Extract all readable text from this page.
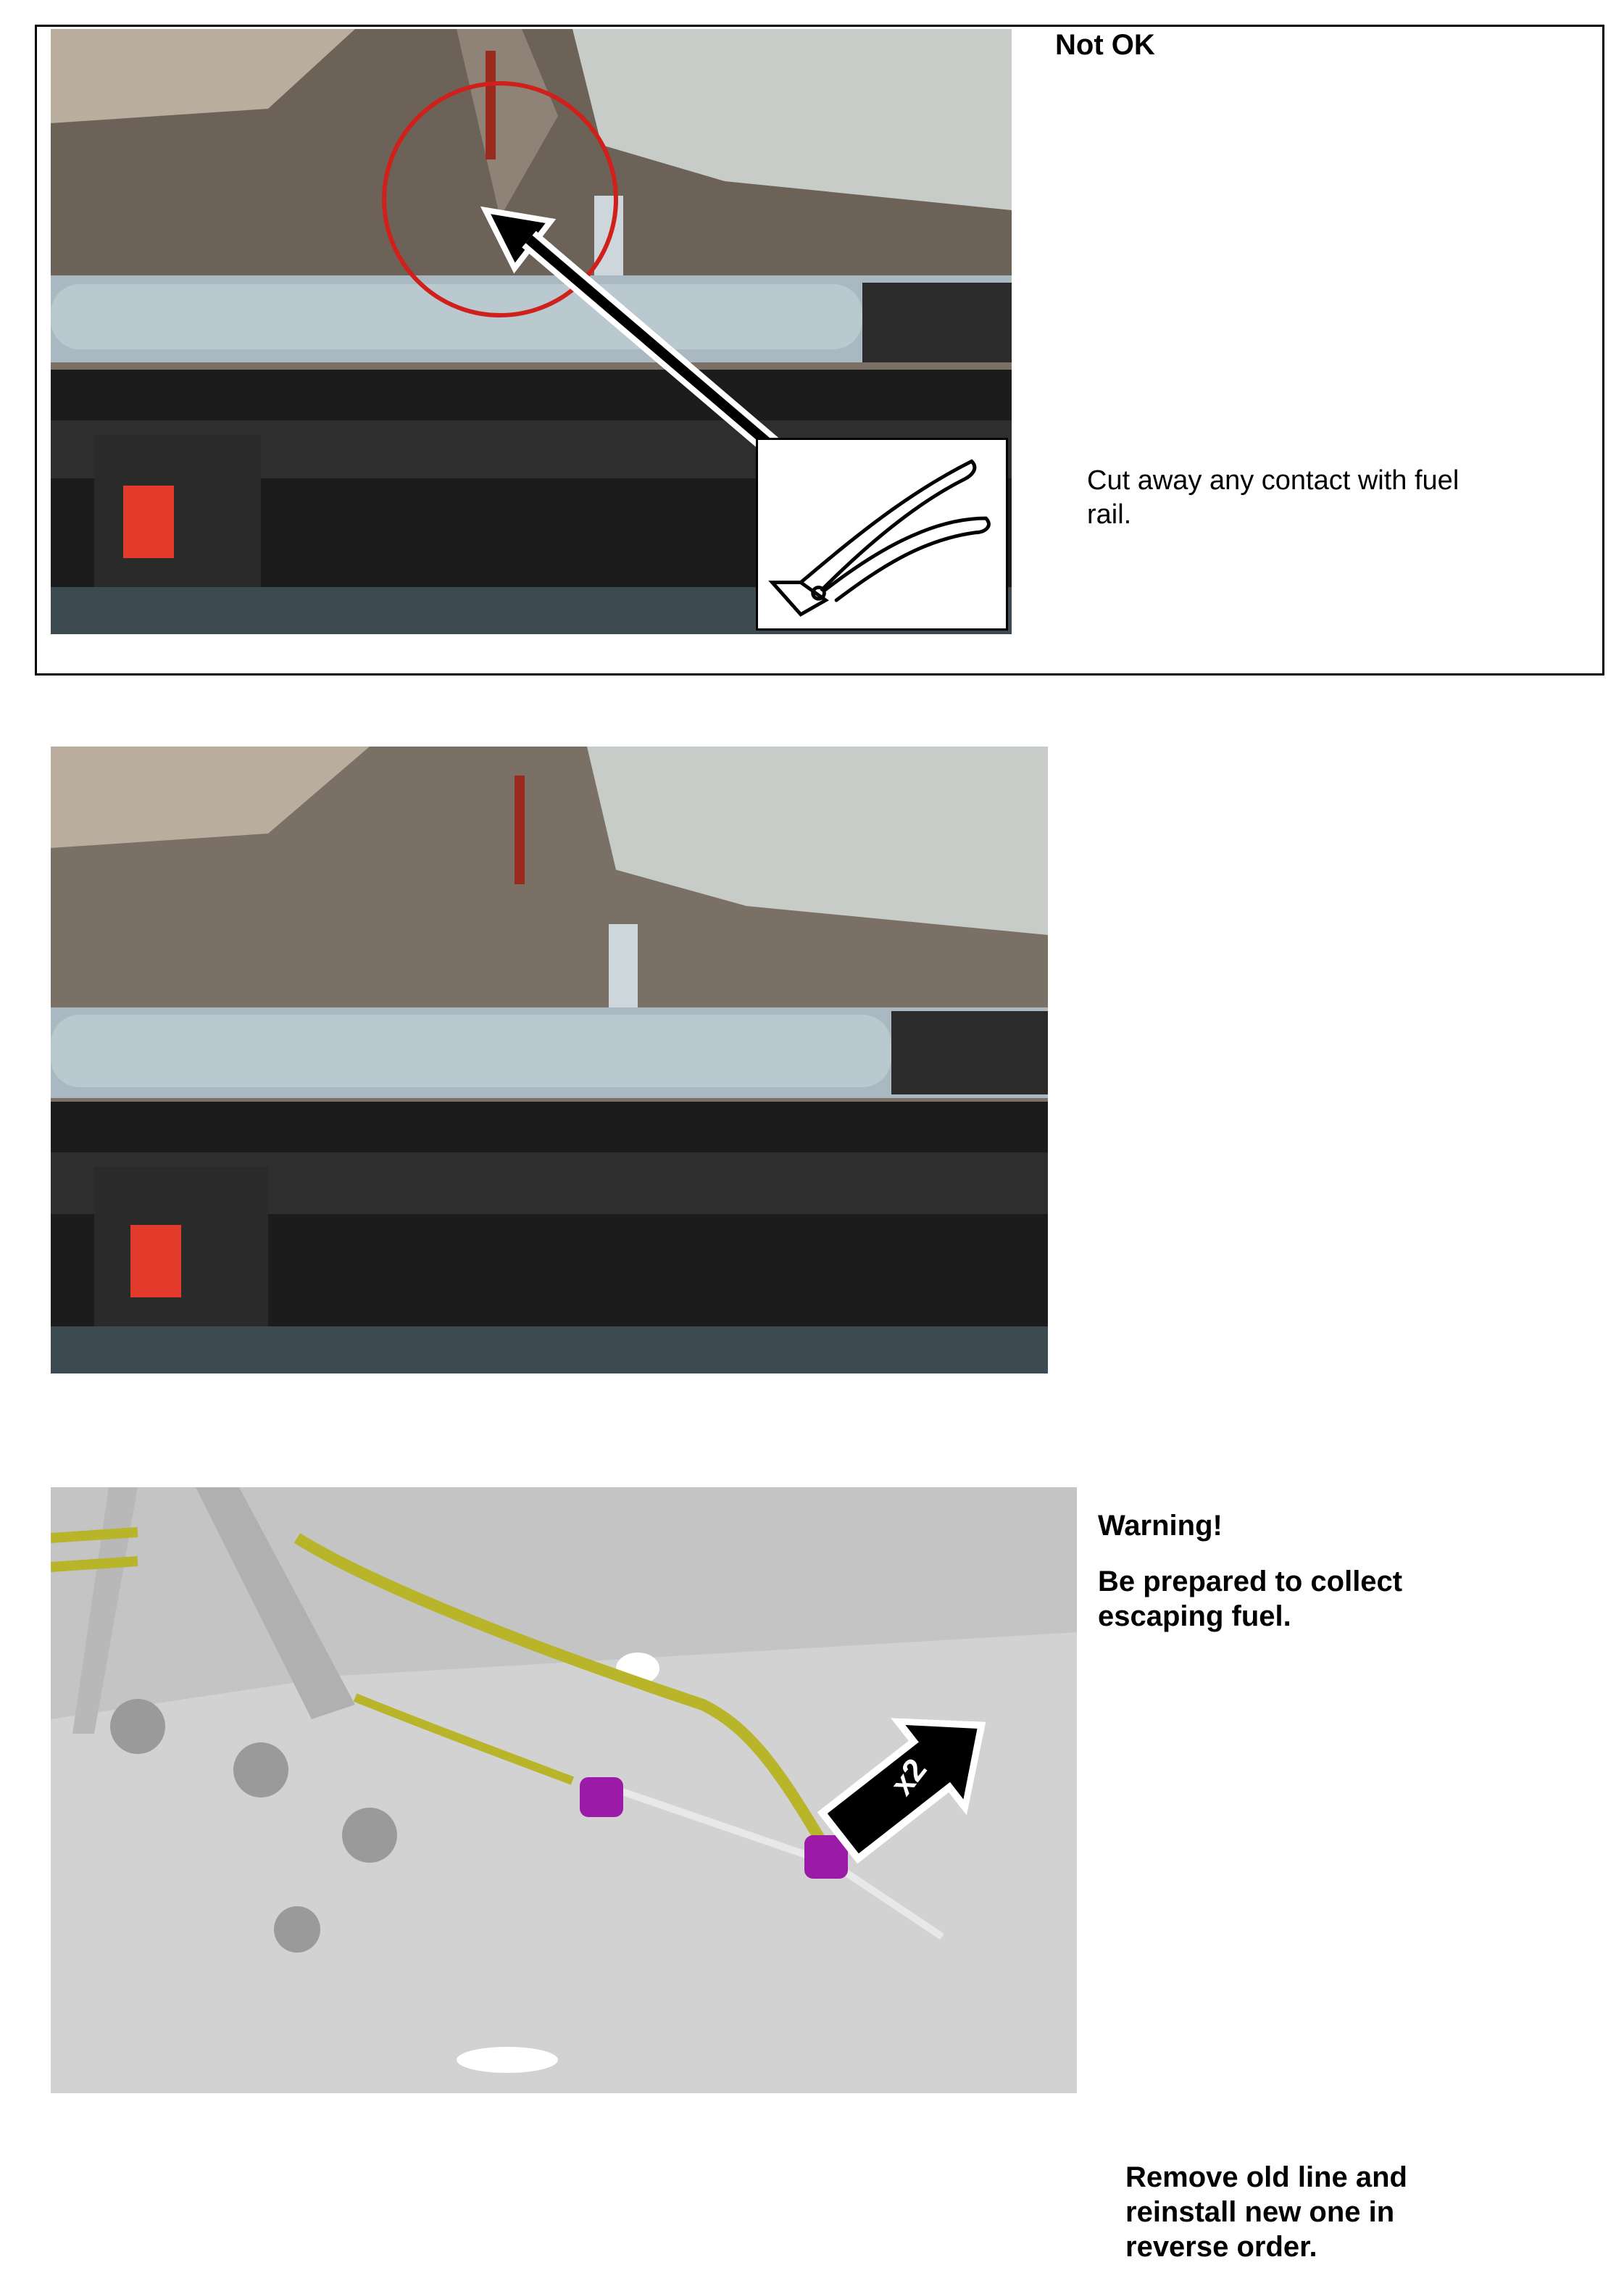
Not OK
Cut away any contact with fuel rail.
x2
Warning!
Be prepared to collect escaping fuel.
Remove old line and reinstall new one in reverse order.
